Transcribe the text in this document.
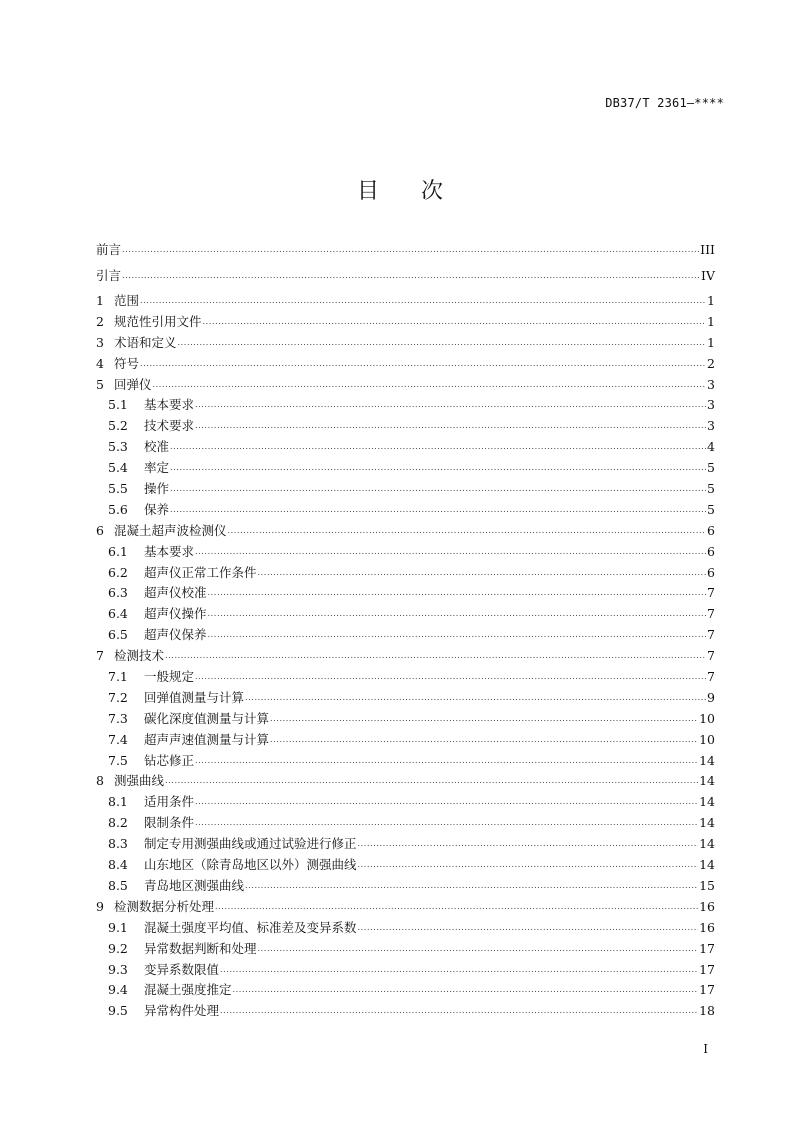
DB37/T 2361—****
目 次
前言 .....	III
引言 .....	IV
1 范围 .....	1
2 规范性引用文件 .....	1
3 术语和定义 .....	1
4 符号 .....	2
5 回弹仪 .....	3
5.1	基本要求 .....	3
5.2	技术要求 .....	3
5.3	校准 .....	4
5.4	率定 .....	5
5.5	操作 .....	5
5.6	保养 .....	5
6 混凝土超声波检测仪 .....	6
6.1	基本要求 .....	6
6.2	超声仪正常工作条件 .....	6
6.3	超声仪校准 .....	7
6.4	超声仪操作 .....	7
6.5	超声仪保养 .....	7
7 检测技术 .....	7
7.1	一般规定 .....	7
7.2	回弹值测量与计算 .....	9
7.3	碳化深度值测量与计算 .....	10
7.4	超声声速值测量与计算 .....	10
7.5	钻芯修正 .....	14
8 测强曲线 .....	14
8.1	适用条件 .....	14
8.2	限制条件 .....	14
8.3	制定专用测强曲线或通过试验进行修正 .....	14
8.4	山东地区（除青岛地区以外）测强曲线 .....	14
8.5	青岛地区测强曲线 .....	15
9 检测数据分析处理 .....	16
9.1	混凝土强度平均值、标准差及变异系数 .....	16
9.2	异常数据判断和处理 .....	17
9.3	变异系数限值 .....	17
9.4	混凝土强度推定 .....	17
9.5	异常构件处理 .....	18
I
